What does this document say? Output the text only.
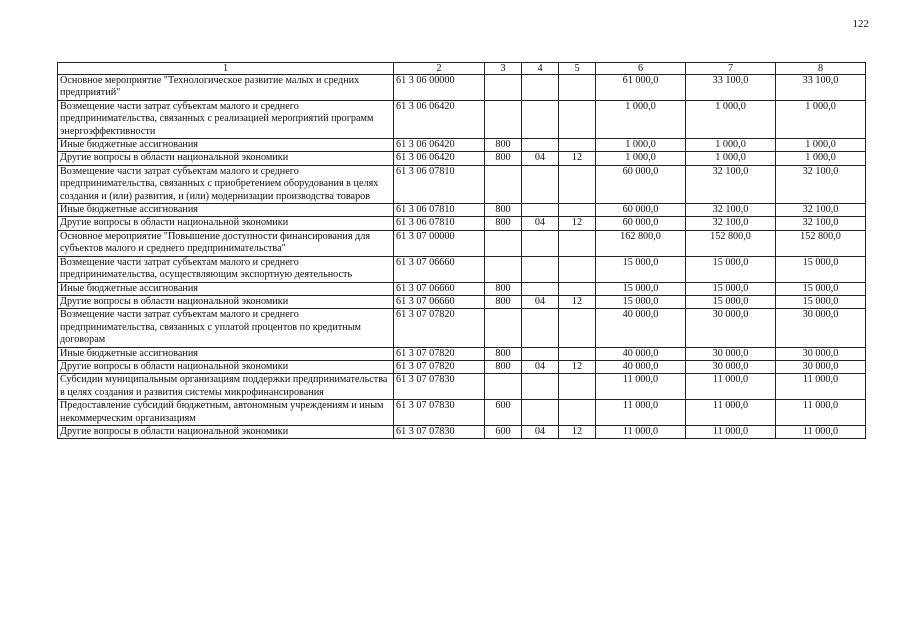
122
1	2	3	4	5	6	7	8
Основное мероприятие "Технологическое развитие малых и средних предприятий"	61 3 06 00000				61 000,0	33 100,0	33 100,0
Возмещение части затрат субъектам малого и среднего предпринимательства, связанных с реализацией мероприятий программ энергоэффективности	61 3 06 06420				1 000,0	1 000,0	1 000,0
Иные бюджетные ассигнования	61 3 06 06420	800			1 000,0	1 000,0	1 000,0
Другие вопросы в области национальной экономики	61 3 06 06420	800	04	12	1 000,0	1 000,0	1 000,0
Возмещение части затрат субъектам малого и среднего предпринимательства, связанных с приобретением оборудования в целях создания и (или) развития, и (или) модернизации производства товаров	61 3 06 07810				60 000,0	32 100,0	32 100,0
Иные бюджетные ассигнования	61 3 06 07810	800			60 000,0	32 100,0	32 100,0
Другие вопросы в области национальной экономики	61 3 06 07810	800	04	12	60 000,0	32 100,0	32 100,0
Основное мероприятие "Повышение доступности финансирования для субъектов малого и среднего предпринимательства"	61 3 07 00000				162 800,0	152 800,0	152 800,0
Возмещение части затрат субъектам малого и среднего предпринимательства, осуществляющим экспортную деятельность	61 3 07 06660				15 000,0	15 000,0	15 000,0
Иные бюджетные ассигнования	61 3 07 06660	800			15 000,0	15 000,0	15 000,0
Другие вопросы в области национальной экономики	61 3 07 06660	800	04	12	15 000,0	15 000,0	15 000,0
Возмещение части затрат субъектам малого и среднего предпринимательства, связанных с уплатой процентов по кредитным договорам	61 3 07 07820				40 000,0	30 000,0	30 000,0
Иные бюджетные ассигнования	61 3 07 07820	800			40 000,0	30 000,0	30 000,0
Другие вопросы в области национальной экономики	61 3 07 07820	800	04	12	40 000,0	30 000,0	30 000,0
Субсидии муниципальным организациям поддержки предпринимательства в целях создания и развития системы микрофинансирования	61 3 07 07830				11 000,0	11 000,0	11 000,0
Предоставление субсидий бюджетным, автономным учреждениям и иным некоммерческим организациям	61 3 07 07830	600			11 000,0	11 000,0	11 000,0
Другие вопросы в области национальной экономики	61 3 07 07830	600	04	12	11 000,0	11 000,0	11 000,0
